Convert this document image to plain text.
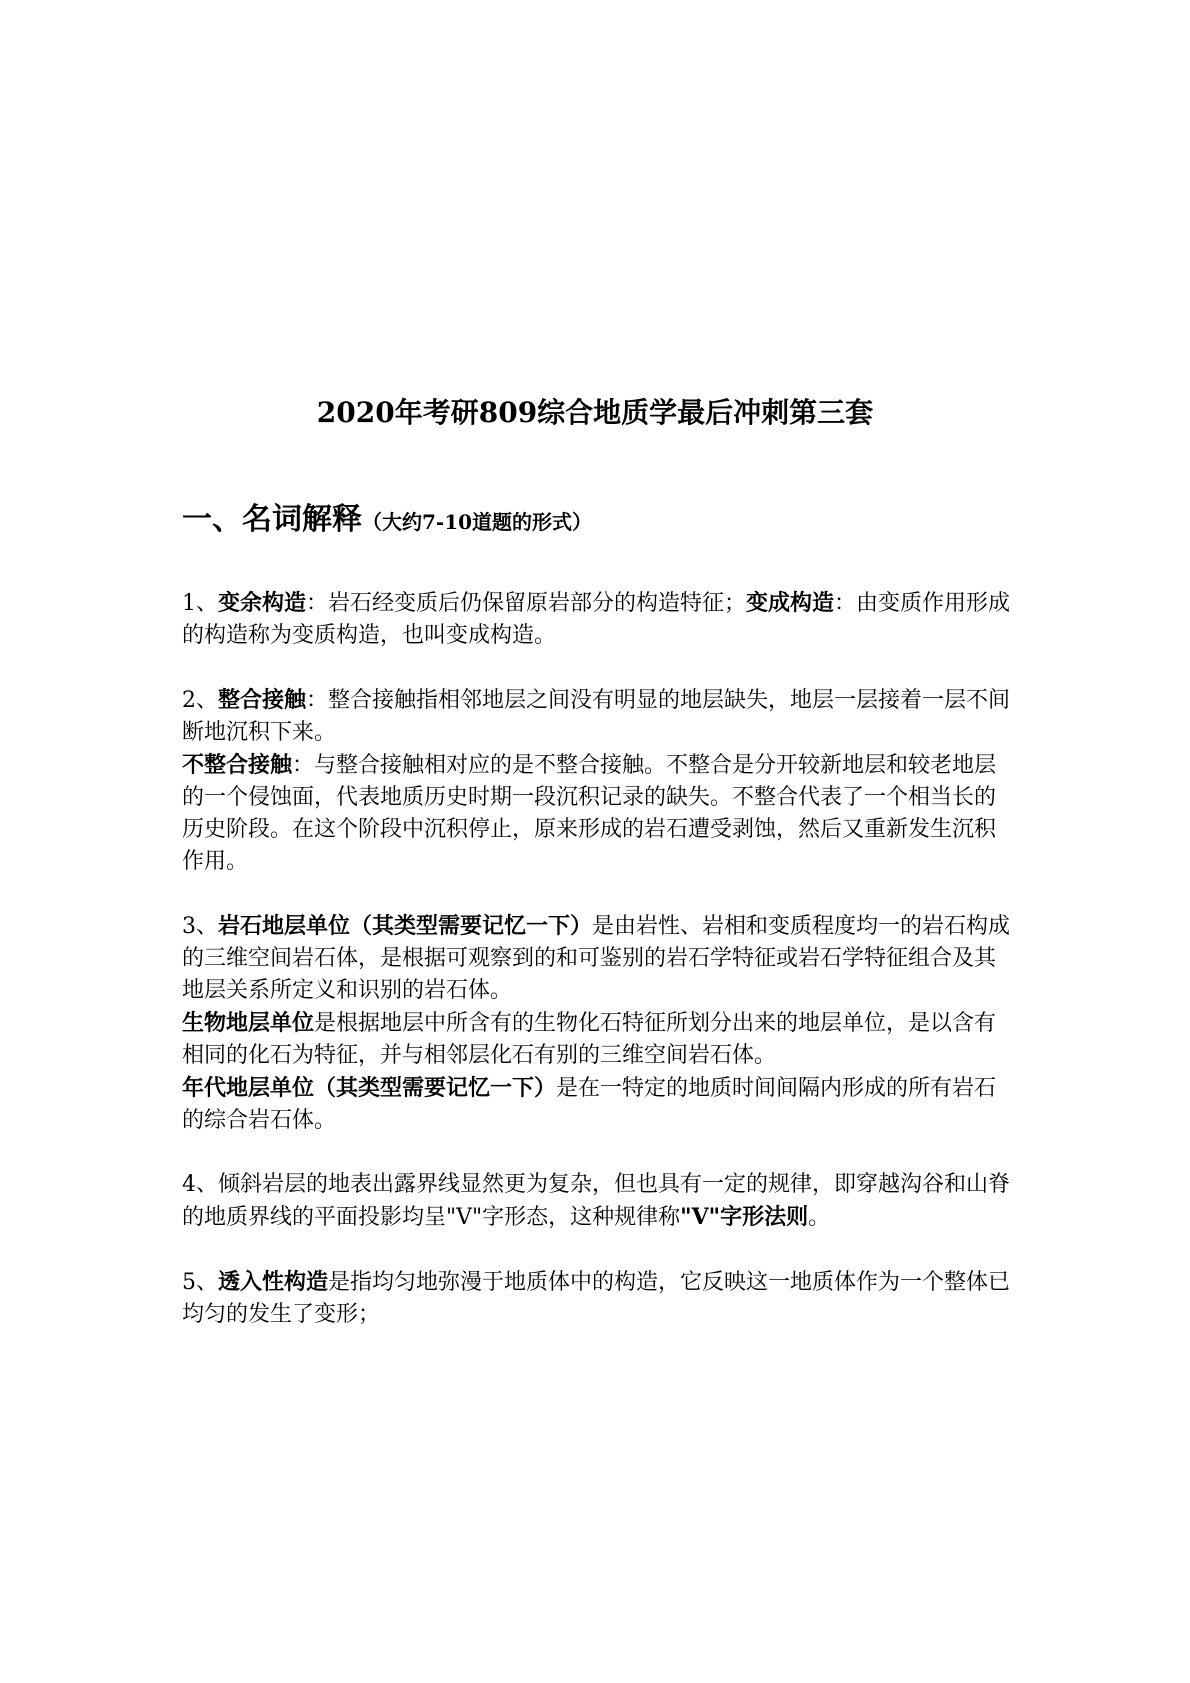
2020年考研809综合地质学最后冲刺第三套
一、名词解释（大约7-10道题的形式）

1、变余构造：岩石经变质后仍保留原岩部分的构造特征；变成构造：由变质作用形成的构造称为变质构造，也叫变成构造。

2、整合接触：整合接触指相邻地层之间没有明显的地层缺失，地层一层接着一层不间断地沉积下来。

不整合接触：与整合接触相对应的是不整合接触。不整合是分开较新地层和较老地层的一个侵蚀面，代表地质历史时期一段沉积记录的缺失。不整合代表了一个相当长的历史阶段。在这个阶段中沉积停止，原来形成的岩石遭受剥蚀，然后又重新发生沉积作用。

3、岩石地层单位（其类型需要记忆一下）是由岩性、岩相和变质程度均一的岩石构成的三维空间岩石体，是根据可观察到的和可鉴别的岩石学特征或岩石学特征组合及其地层关系所定义和识别的岩石体。

生物地层单位是根据地层中所含有的生物化石特征所划分出来的地层单位，是以含有相同的化石为特征，并与相邻层化石有别的三维空间岩石体。

年代地层单位（其类型需要记忆一下）是在一特定的地质时间间隔内形成的所有岩石的综合岩石体。

4、倾斜岩层的地表出露界线显然更为复杂，但也具有一定的规律，即穿越沟谷和山脊的地质界线的平面投影均呈"V"字形态，这种规律称"V"字形法则。

5、透入性构造是指均匀地弥漫于地质体中的构造，它反映这一地质体作为一个整体已均匀的发生了变形；
